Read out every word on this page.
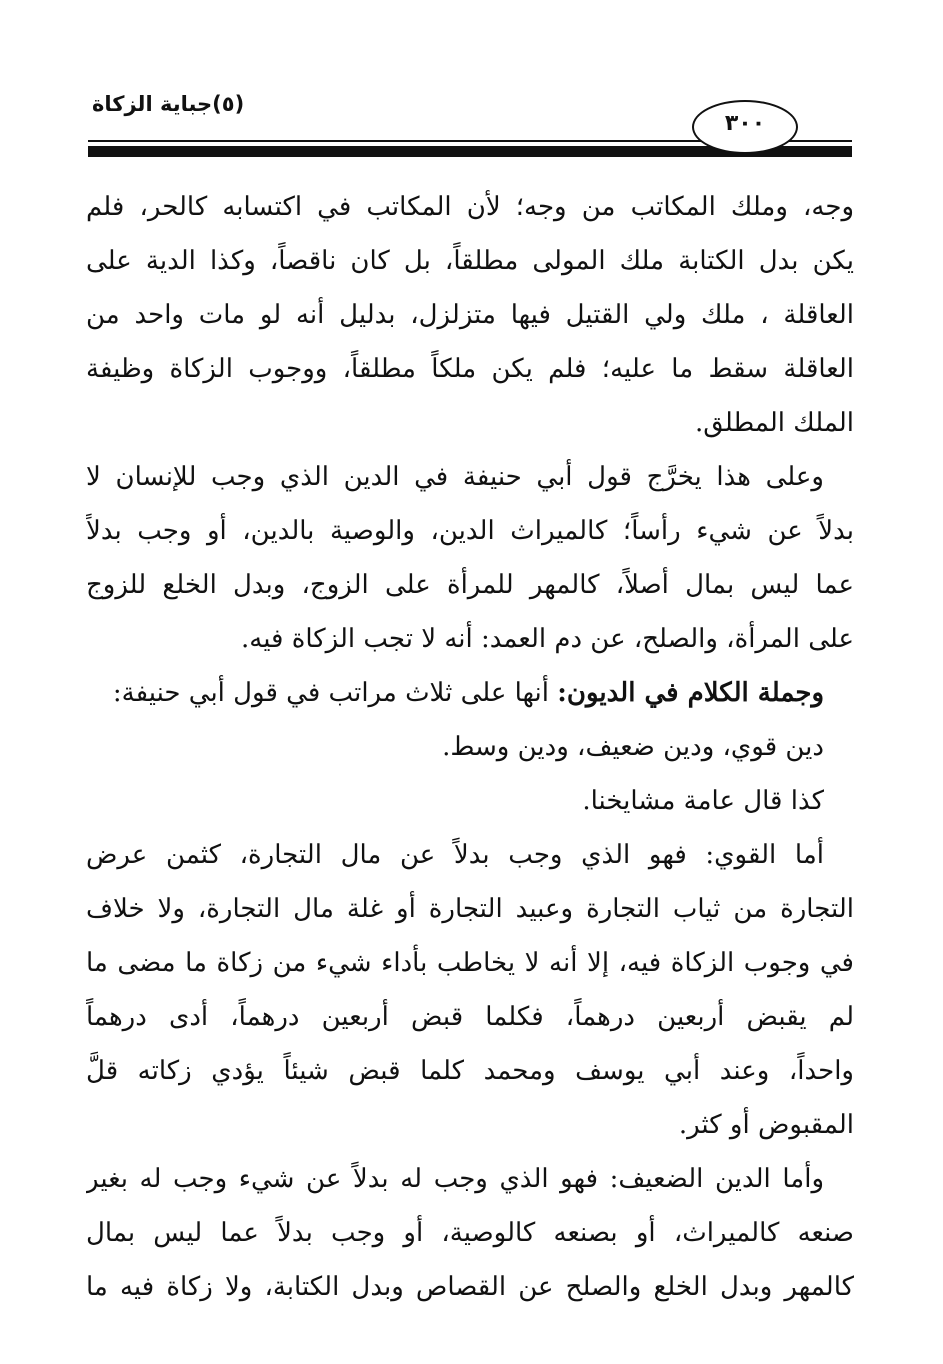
(٥)جباية الزكاة
٣٠٠
وجه، وملك المكاتب من وجه؛ لأن المكاتب في اكتسابه كالحر، فلم
يكن بدل الكتابة ملك المولى مطلقاً، بل كان ناقصاً، وكذا الدية على
العاقلة ، ملك ولي القتيل فيها متزلزل، بدليل أنه لو مات واحد من
العاقلة سقط ما عليه؛ فلم يكن ملكاً مطلقاً، ووجوب الزكاة وظيفة
الملك المطلق.
وعلى هذا يخرَّج قول أبي حنيفة في الدين الذي وجب للإنسان لا
بدلاً عن شيء رأساً؛ كالميراث الدين، والوصية بالدين، أو وجب بدلاً
عما ليس بمال أصلاً، كالمهر للمرأة على الزوج، وبدل الخلع للزوج
على المرأة، والصلح، عن دم العمد: أنه لا تجب الزكاة فيه.
وجملة الكلام في الديون: أنها على ثلاث مراتب في قول أبي حنيفة:
دين قوي، ودين ضعيف، ودين وسط.
كذا قال عامة مشايخنا.
أما القوي: فهو الذي وجب بدلاً عن مال التجارة، كثمن عرض
التجارة من ثياب التجارة وعبيد التجارة أو غلة مال التجارة، ولا خلاف
في وجوب الزكاة فيه، إلا أنه لا يخاطب بأداء شيء من زكاة ما مضى ما
لم يقبض أربعين درهماً، فكلما قبض أربعين درهماً، أدى درهماً
واحداً، وعند أبي يوسف ومحمد كلما قبض شيئاً يؤدي زكاته قلَّ
المقبوض أو كثر.
وأما الدين الضعيف: فهو الذي وجب له بدلاً عن شيء وجب له بغير
صنعه كالميراث، أو بصنعه كالوصية، أو وجب بدلاً عما ليس بمال
كالمهر وبدل الخلع والصلح عن القصاص وبدل الكتابة، ولا زكاة فيه ما
